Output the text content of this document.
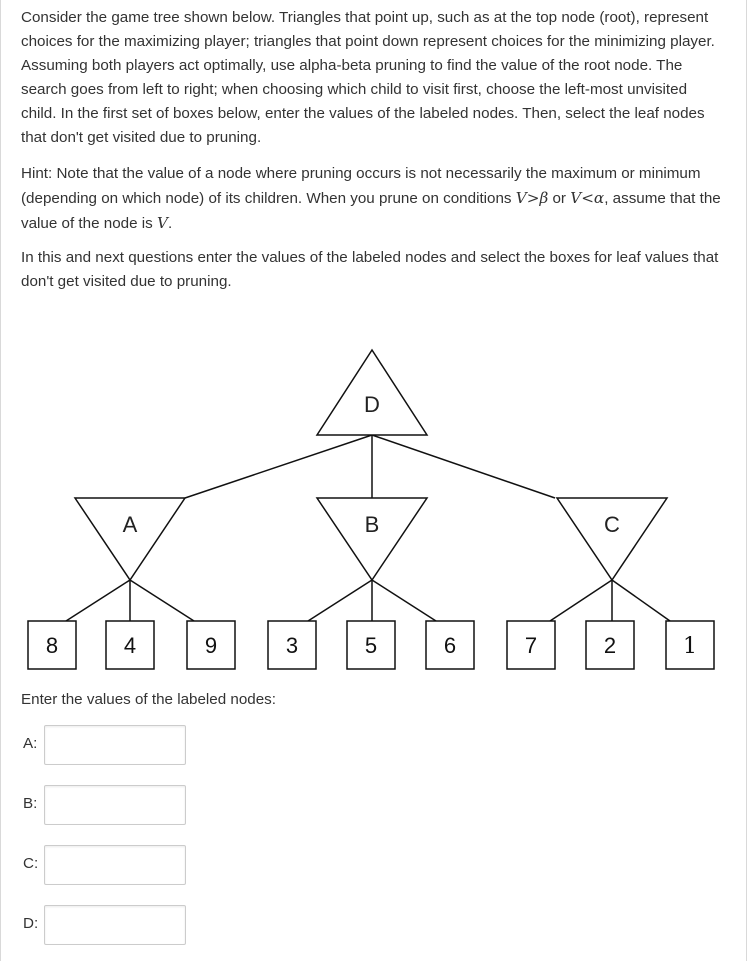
Consider the game tree shown below. Triangles that point up, such as at the top node (root), represent choices for the maximizing player; triangles that point down represent choices for the minimizing player. Assuming both players act optimally, use alpha-beta pruning to find the value of the root node. The search goes from left to right; when choosing which child to visit first, choose the left-most unvisited child. In the first set of boxes below, enter the values of the labeled nodes. Then, select the leaf nodes that don't get visited due to pruning.
Hint: Note that the value of a node where pruning occurs is not necessarily the maximum or minimum (depending on which node) of its children. When you prune on conditions V>β or V<α, assume that the value of the node is V.
In this and next questions enter the values of the labeled nodes and select the boxes for leaf values that don't get visited due to pruning.
D
A	B	C
8	4	9	3	5	6	7	2	1
Enter the values of the labeled nodes:
A:
B:
C:
D:
